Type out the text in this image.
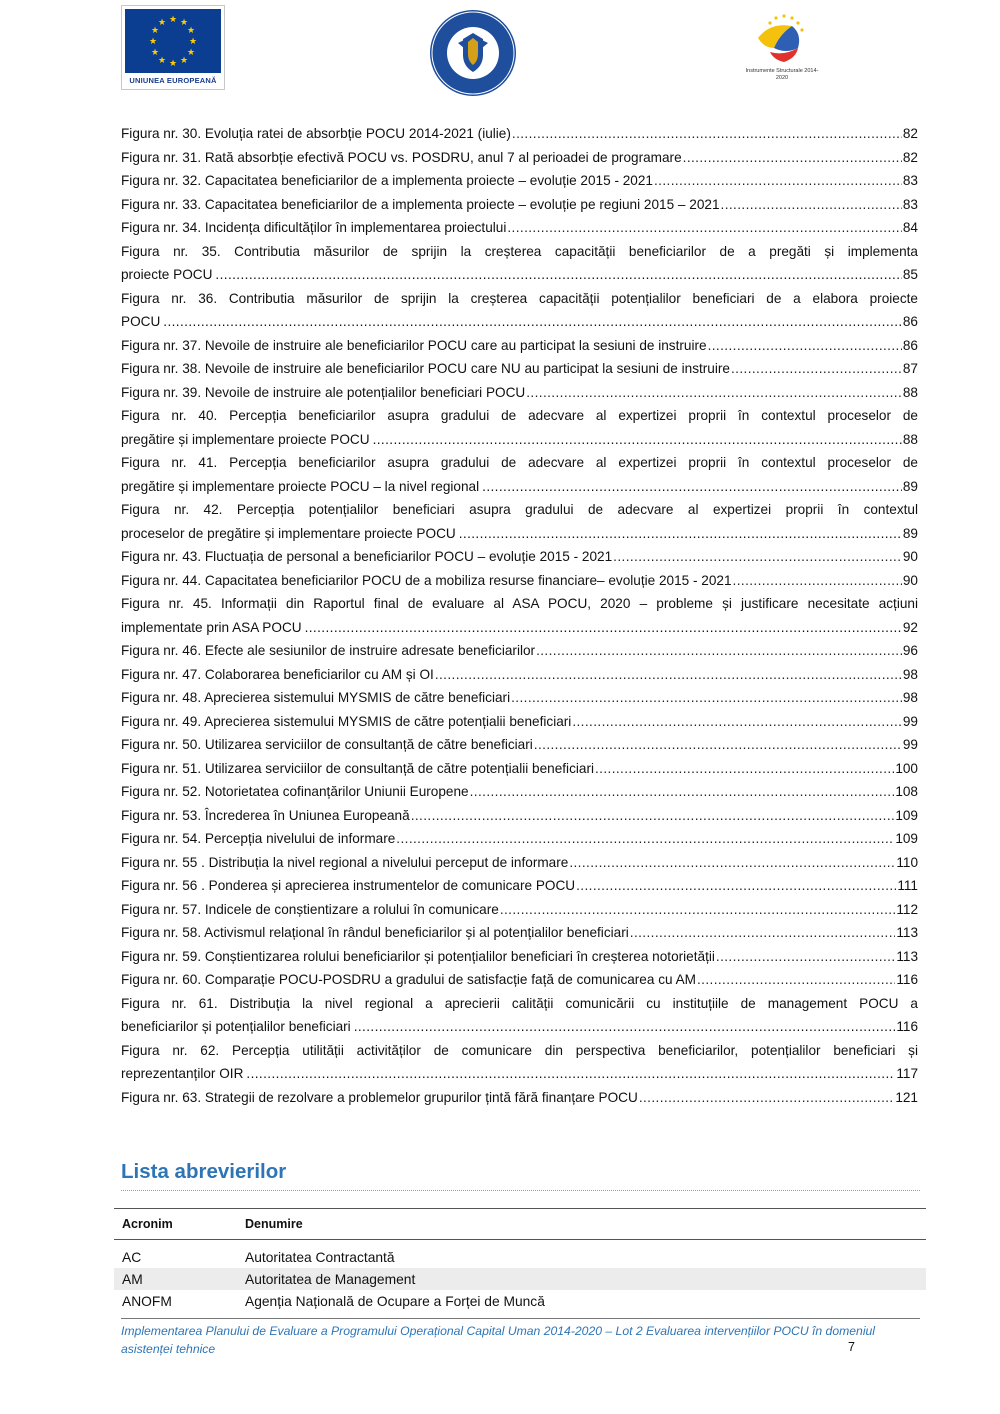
★ ★
★
★
★
★
★
★
★
★
★
★
UNIUNEA EUROPEANĂ
Instrumente Structurale 2014-2020
Figura nr. 30. Evoluția ratei de absorbție POCU 2014-2021 (iulie) .....	82
Figura nr. 31. Rată absorbție efectivă POCU vs. POSDRU, anul 7 al perioadei de programare .....	82
Figura nr. 32. Capacitatea beneficiarilor de a implementa proiecte – evoluție 2015 - 2021 .....	83
Figura nr. 33. Capacitatea beneficiarilor de a implementa proiecte – evoluție pe regiuni 2015 – 2021 .....	83
Figura nr. 34. Incidența dificultăților în implementarea proiectului .....	84
Figura nr. 35. Contributia măsurilor de sprijin la creșterea capacității beneficiarilor de a pregăti și implementa
proiecte POCU .....	85
Figura nr. 36. Contributia măsurilor de sprijin la creșterea capacității potențialilor beneficiari de a elabora proiecte
POCU .....	86
Figura nr. 37. Nevoile de instruire ale beneficiarilor POCU care au participat la sesiuni de instruire .....	86
Figura nr. 38. Nevoile de instruire ale beneficiarilor POCU care NU au participat la sesiuni de instruire .....	87
Figura nr. 39. Nevoile de instruire ale potențialilor beneficiari POCU .....	88
Figura nr. 40. Percepția beneficiarilor asupra gradului de adecvare al expertizei proprii în contextul proceselor de
pregătire și implementare proiecte POCU .....	88
Figura nr. 41. Percepția beneficiarilor asupra gradului de adecvare al expertizei proprii în contextul proceselor de
pregătire și implementare proiecte POCU – la nivel regional .....	89
Figura nr. 42. Percepția potențialilor beneficiari asupra gradului de adecvare al expertizei proprii în contextul
proceselor de pregătire și implementare proiecte POCU .....	89
Figura nr. 43. Fluctuația de personal a beneficiarilor POCU – evoluție 2015 - 2021 .....	90
Figura nr. 44. Capacitatea beneficiarilor POCU de a mobiliza resurse financiare– evoluție 2015 - 2021 .....	90
Figura nr. 45. Informații din Raportul final de evaluare al ASA POCU, 2020 – probleme și justificare necesitate acțiuni
implementate prin ASA POCU .....	92
Figura nr. 46. Efecte ale sesiunilor de instruire adresate beneficiarilor .....	96
Figura nr. 47. Colaborarea beneficiarilor cu AM și OI .....	98
Figura nr. 48. Aprecierea sistemului MYSMIS de către beneficiari .....	98
Figura nr. 49. Aprecierea sistemului MYSMIS de către potențialii beneficiari .....	99
Figura nr. 50. Utilizarea serviciilor de consultanță de către beneficiari .....	99
Figura nr. 51. Utilizarea serviciilor de consultanță de către potențialii beneficiari .....	100
Figura nr. 52. Notorietatea cofinanțărilor Uniunii Europene .....	108
Figura nr. 53. Încrederea în Uniunea Europeană .....	109
Figura nr. 54. Percepția nivelului de informare .....	109
Figura nr. 55 . Distribuția la nivel regional a nivelului perceput de informare .....	110
Figura nr. 56 . Ponderea și aprecierea instrumentelor de comunicare POCU .....	111
Figura nr. 57. Indicele de conștientizare a rolului în comunicare .....	112
Figura nr. 58. Activismul relațional în rândul beneficiarilor și al potențialilor beneficiari .....	113
Figura nr. 59. Conștientizarea rolului beneficiarilor și potențialilor beneficiari în creșterea notorietății .....	113
Figura nr. 60. Comparație POCU-POSDRU a gradului de satisfacție față de comunicarea cu AM .....	116
Figura nr. 61. Distribuția la nivel regional a aprecierii calității comunicării cu instituțiile de management POCU a
beneficiarilor și potențialilor beneficiari .....	116
Figura nr. 62. Percepția utilității activităților de comunicare din perspectiva beneficiarilor, potențialilor beneficiari și
reprezentanților OIR .....	117
Figura nr. 63. Strategii de rezolvare a problemelor grupurilor țintă fără finanțare POCU .....	121
Lista abrevierilor
Acronim	Denumire

AC	Autoritatea Contractantă
AM	Autoritatea de Management
ANOFM	Agenția Națională de Ocupare a Forței de Muncă
Implementarea Planului de Evaluare a Programului Operațional Capital Uman 2014-2020 – Lot 2 Evaluarea intervențiilor POCU în domeniul asistenței tehnice	7
